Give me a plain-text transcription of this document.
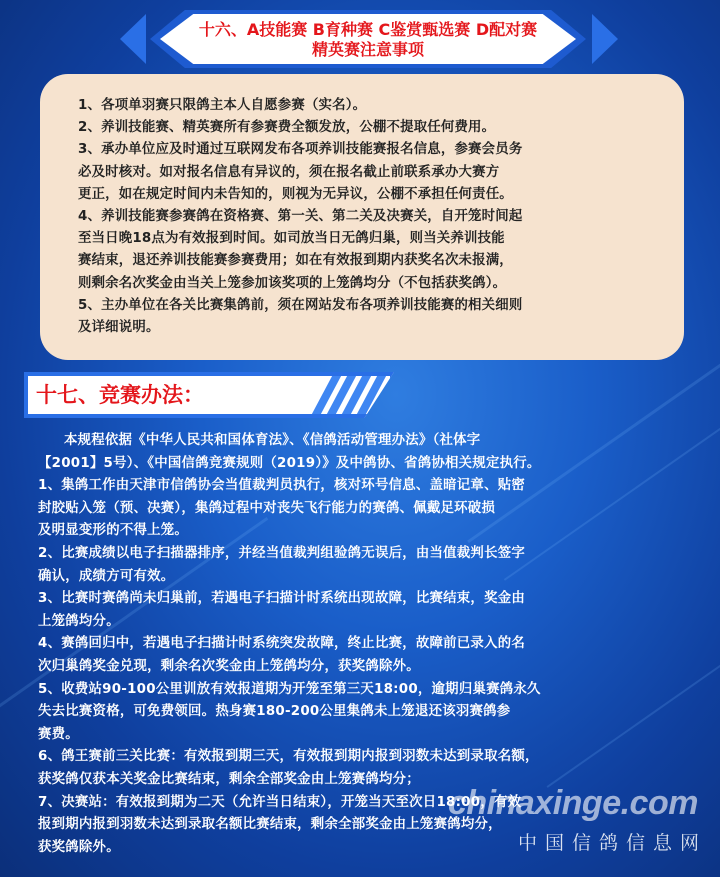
十六、A技能赛 B育种赛 C鉴赏甄选赛 D配对赛
精英赛注意事项
1、各项单羽赛只限鸽主本人自愿参赛（实名）。
2、养训技能赛、精英赛所有参赛费全额发放，公棚不提取任何费用。
3、承办单位应及时通过互联网发布各项养训技能赛报名信息，参赛会员务
必及时核对。如对报名信息有异议的，须在报名截止前联系承办大赛方
更正，如在规定时间内未告知的，则视为无异议，公棚不承担任何责任。
4、养训技能赛参赛鸽在资格赛、第一关、第二关及决赛关，自开笼时间起
至当日晚18点为有效报到时间。如司放当日无鸽归巢，则当关养训技能
赛结束，退还养训技能赛参赛费用；如在有效报到期内获奖名次未报满，
则剩余名次奖金由当关上笼参加该奖项的上笼鸽均分（不包括获奖鸽）。
5、主办单位在各关比赛集鸽前，须在网站发布各项养训技能赛的相关细则
及详细说明。
十七、竞赛办法：

本规程依据《中华人民共和国体育法》、《信鸽活动管理办法》（社体字
【2001】5号）、《中国信鸽竞赛规则（2019）》及中鸽协、省鸽协相关规定执行。

1、集鸽工作由天津市信鸽协会当值裁判员执行，核对环号信息、盖暗记章、贴密
封胶贴入笼（预、决赛），集鸽过程中对丧失飞行能力的赛鸽、佩戴足环破损
及明显变形的不得上笼。

2、比赛成绩以电子扫描器排序，并经当值裁判组验鸽无误后，由当值裁判长签字
确认，成绩方可有效。

3、比赛时赛鸽尚未归巢前，若遇电子扫描计时系统出现故障，比赛结束，奖金由
上笼鸽均分。

4、赛鸽回归中，若遇电子扫描计时系统突发故障，终止比赛，故障前已录入的名
次归巢鸽奖金兑现，剩余名次奖金由上笼鸽均分，获奖鸽除外。

5、收费站90-100公里训放有效报道期为开笼至第三天18:00，逾期归巢赛鸽永久
失去比赛资格，可免费领回。热身赛180-200公里集鸽未上笼退还该羽赛鸽参
赛费。

6、鸽王赛前三关比赛：有效报到期三天，有效报到期内报到羽数未达到录取名额，
获奖鸽仅获本关奖金比赛结束，剩余全部奖金由上笼赛鸽均分；

7、决赛站：有效报到期为二天（允许当日结束），开笼当天至次日18:00，有效
报到期内报到羽数未达到录取名额比赛结束，剩余全部奖金由上笼赛鸽均分，
获奖鸽除外。

chinaxinge.com
中国信鸽信息网
